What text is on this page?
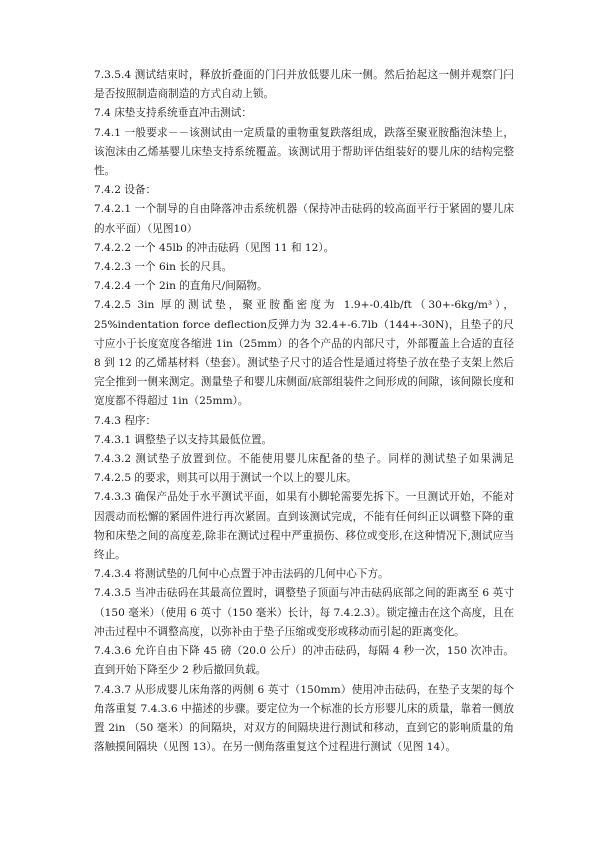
7.3.5.4 测试结束时，释放折叠面的门闩并放低婴儿床一侧。然后抬起这一侧并观察门闩是否按照制造商制造的方式自动上锁。

7.4 床垫支持系统垂直冲击测试：

7.4.1 一般要求－－该测试由一定质量的重物重复跌落组成，跌落至聚亚胺酯泡沫垫上，该泡沫由乙烯基婴儿床垫支持系统覆盖。该测试用于帮助评估组装好的婴儿床的结构完整性。

7.4.2 设备：

7.4.2.1 一个制导的自由降落冲击系统机器（保持冲击砝码的较高面平行于紧固的婴儿床的水平面）（见图10）

7.4.2.2 一个 45lb 的冲击砝码（见图 11 和 12）。

7.4.2.3 一个 6in 长的尺具。

7.4.2.4 一个 2in 的直角尺/间隔物。

7.4.2.5 3in 厚的测试垫，聚亚胺酯密度为 1.9+-0.4lb/ft（30+-6kg/m³），25%indentation force deflection反弹力为 32.4+-6.7lb（144+-30N)，且垫子的尺寸应小于长度宽度各缩进 1in（25mm）的各个产品的内部尺寸，外部覆盖上合适的直径 8 到 12 的乙烯基材料（垫套）。测试垫子尺寸的适合性是通过将垫子放在垫子支架上然后完全推到一侧来测定。测量垫子和婴儿床侧面/底部组装件之间形成的间隙，该间隙长度和宽度都不得超过 1in（25mm）。

7.4.3 程序：

7.4.3.1 调整垫子以支持其最低位置。

7.4.3.2 测试垫子放置到位。不能使用婴儿床配备的垫子。同样的测试垫子如果满足 7.4.2.5 的要求，则其可以用于测试一个以上的婴儿床。

7.4.3.3 确保产品处于水平测试平面，如果有小脚轮需要先拆下。一旦测试开始，不能对因震动而松懈的紧固件进行再次紧固。直到该测试完成，不能有任何纠正以调整下降的重物和床垫之间的高度差,除非在测试过程中严重损伤、移位或变形,在这种情况下,测试应当终止。

7.4.3.4 将测试垫的几何中心点置于冲击法码的几何中心下方。

7.4.3.5 当冲击砝码在其最高位置时，调整垫子顶面与冲击砝码底部之间的距离至 6 英寸（150 毫米）（使用 6 英寸（150 毫米）长计，每 7.4.2.3）。锁定撞击在这个高度，且在冲击过程中不调整高度，以弥补由于垫子压缩或变形或移动而引起的距离变化。

7.4.3.6 允许自由下降 45 磅（20.0 公斤）的冲击砝码，每隔 4 秒一次，150 次冲击。直到开始下降至少 2 秒后撤回负载。

7.4.3.7 从形成婴儿床角落的两侧 6 英寸（150mm）使用冲击砝码，在垫子支架的每个角落重复 7.4.3.6 中描述的步骤。要定位为一个标准的长方形婴儿床的质量，靠着一侧放置 2in （50 毫米）的间隔块，对双方的间隔块进行测试和移动，直到它的影响质量的角落触摸间隔块（见图 13）。在另一侧角落重复这个过程进行测试（见图 14）。
